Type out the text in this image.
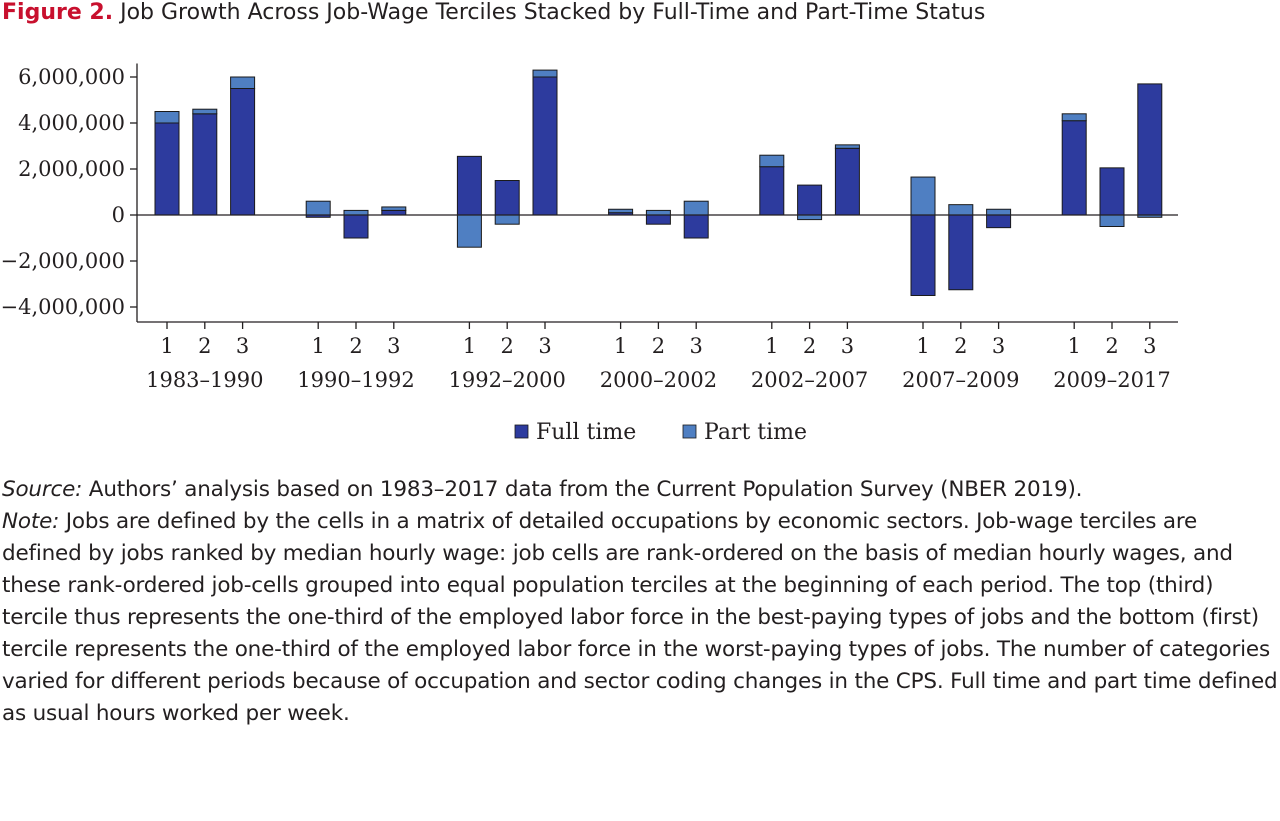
Figure 2. Job Growth Across Job-Wage Terciles Stacked by Full-Time and Part-Time Status
6,000,000
4,000,000
2,000,000
0
−2,000,000
−4,000,000
1 2 3
1983–1990
1 2 3
1990–1992
1 2 3
1992–2000
1 2 3
2000–2002
1 2 3
2002–2007
1 2 3
2007–2009
1 2 3
2009–2017
Full time	Part time

Source: Authors’ analysis based on 1983–2017 data from the Current Population Survey (NBER 2019).

Note: Jobs are defined by the cells in a matrix of detailed occupations by economic sectors. Job-wage terciles are defined by jobs ranked by median hourly wage: job cells are rank-ordered on the basis of median hourly wages, and these rank-ordered job-cells grouped into equal population terciles at the beginning of each period. The top (third) tercile thus represents the one-third of the employed labor force in the best-paying types of jobs and the bottom (first) tercile represents the one-third of the employed labor force in the worst-paying types of jobs. The number of categories varied for different periods because of occupation and sector coding changes in the CPS. Full time and part time defined as usual hours worked per week.
